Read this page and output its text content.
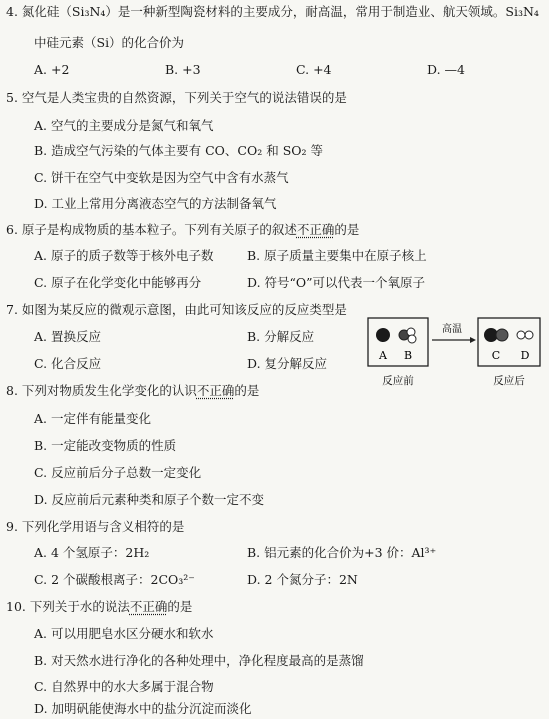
4. 氮化硅（Si₃N₄）是一种新型陶瓷材料的主要成分，耐高温，常用于制造业、航天领域。Si₃N₄
中硅元素（Si）的化合价为
A. +2	B. +3	C. +4	D. —4
5. 空气是人类宝贵的自然资源，下列关于空气的说法错误的是
A. 空气的主要成分是氮气和氧气
B. 造成空气污染的气体主要有 CO、CO₂ 和 SO₂ 等
C. 饼干在空气中变软是因为空气中含有水蒸气
D. 工业上常用分离液态空气的方法制备氧气
6. 原子是构成物质的基本粒子。下列有关原子的叙述不正确的是
A. 原子的质子数等于核外电子数	B. 原子质量主要集中在原子核上
C. 原子在化学变化中能够再分	D. 符号“O”可以代表一个氧原子
7. 如图为某反应的微观示意图，由此可知该反应的反应类型是
A. 置换反应	B. 分解反应
C. 化合反应	D. 复分解反应
A B
高温
C D
反应前	反应后
8. 下列对物质发生化学变化的认识不正确的是
A. 一定伴有能量变化
B. 一定能改变物质的性质
C. 反应前后分子总数一定变化
D. 反应前后元素种类和原子个数一定不变
9. 下列化学用语与含义相符的是
A. 4 个氢原子：2H₂	B. 铝元素的化合价为+3 价：Al³⁺
C. 2 个碳酸根离子：2CO₃²⁻	D. 2 个氮分子：2N
10. 下列关于水的说法不正确的是
A. 可以用肥皂水区分硬水和软水
B. 对天然水进行净化的各种处理中，净化程度最高的是蒸馏
C. 自然界中的水大多属于混合物
D. 加明矾能使海水中的盐分沉淀而淡化
